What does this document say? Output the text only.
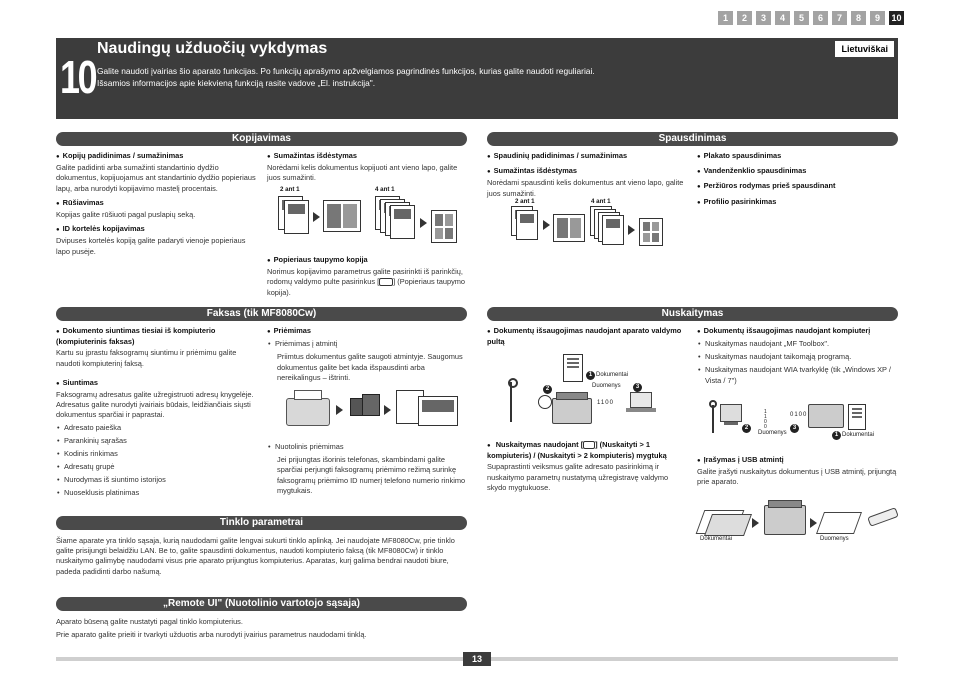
1	2	3	4	5	6	7	8	9	10
10
Naudingų užduočių vykdymas
Galite naudoti įvairias šio aparato funkcijas. Po funkcijų aprašymo apžvelgiamos pagrindinės funkcijos, kurias galite naudoti reguliariai.
Išsamios informacijos apie kiekvieną funkciją rasite vadove „El. instrukcija".
Lietuviškai
Kopijavimas
● Kopijų padidinimas / sumažinimas

Galite padidinti arba sumažinti standartinio dydžio dokumentus, kopijuojamus ant standartinio dydžio popieriaus lapų, arba nurodyti kopijavimo mastelį procentais.

● Rūšiavimas

Kopijas galite rūšiuoti pagal puslapių seką.

● ID kortelės kopijavimas

Dvipuses kortelės kopiją galite padaryti vienoje popieriaus lapo pusėje.

● Sumažintas išdėstymas

Norėdami kelis dokumentus kopijuoti ant vieno lapo, galite juos sumažinti.

2 ant 1	4 ant 1
● Popieriaus taupymo kopija

Norimus kopijavimo parametrus galite pasirinkti iš parinkčių, rodomų valdymo pulte pasirinkus [ ] (Popieriaus taupymo kopija).

Spausdinimas
● Spaudinių padidinimas / sumažinimas
● Sumažintas išdėstymas

Norėdami spausdinti kelis dokumentus ant vieno lapo, galite juos sumažinti.

2 ant 1	4 ant 1
● Plakato spausdinimas
● Vandenženklio spausdinimas
● Peržiūros rodymas prieš spausdinant
● Profilio pasirinkimas
Faksas (tik MF8080Cw)
● Dokumento siuntimas tiesiai iš kompiuterio (kompiuterinis faksas)

Kartu su įprastu faksogramų siuntimu ir priėmimu galite naudoti kompiuterinį faksą.

● Siuntimas

Faksogramų adresatus galite užregistruoti adresų knygelėje. Adresatus galite nurodyti įvairiais būdais, leidžiančiais siųsti dokumentus sparčiai ir paprastai.

• Adresato paieška
• Parankinių sąrašas
• Kodinis rinkimas
• Adresatų grupė
• Nurodymas iš siuntimo istorijos
• Nuoseklusis platinimas
● Priėmimas
• Priėmimas į atmintį

Priimtus dokumentus galite saugoti atmintyje. Saugomus dokumentus galite bet kada išspausdinti arba nereikalingus – ištrinti.

• Nuotolinis priėmimas

Jei prijungtas išorinis telefonas, skambindami galite sparčiai perjungti faksogramų priėmimo režimą surinkę faksogramų priėmimo ID numerį telefono numerio rinkimo mygtukais.

Nuskaitymas
● Dokumentų išsaugojimas naudojant aparato valdymo pultą
1 Dokumentai
Duomenys
2	3
1100
● Nuskaitymas naudojant [ ] (Nuskaityti > 1 kompiuteris) / (Nuskaityti > 2 kompiuteris) mygtuką

Supaprastinti veiksmus galite adresato pasirinkimą ir nuskaitymo parametrų nustatymą užregistravę valdymo skydo mygtukuose.

● Dokumentų išsaugojimas naudojant kompiuterį
• Nuskaitymas naudojant „MF Toolbox".
• Nuskaitymas naudojant taikomąją programą.
• Nuskaitymas naudojant WIA tvarkyklę (tik „Windows XP / Vista / 7")
2
1
1
0
0
0100
Duomenys
3
1 Dokumentai
● Įrašymas į USB atmintį

Galite įrašyti nuskaitytus dokumentus į USB atmintį, prijungtą prie aparato.

Dokumentai	Duomenys
Tinklo parametrai

Šiame aparate yra tinklo sąsaja, kurią naudodami galite lengvai sukurti tinklo aplinką. Jei naudojate MF8080Cw, prie tinklo galite prisijungti belaidžiu LAN. Be to, galite spausdinti dokumentus, naudoti kompiuterio faksą (tik MF8080Cw) ir tinklo nuskaitymo galimybę naudodami visus prie aparato prijungtus kompiuterius. Aparatas, kurį galima bendrai naudoti biure, padeda padidinti darbo našumą.

„Remote UI" (Nuotolinio vartotojo sąsaja)

Aparato būseną galite nustatyti pagal tinklo kompiuterius.

Prie aparato galite prieiti ir tvarkyti užduotis arba nurodyti įvairius parametrus naudodami tinklą.

13
